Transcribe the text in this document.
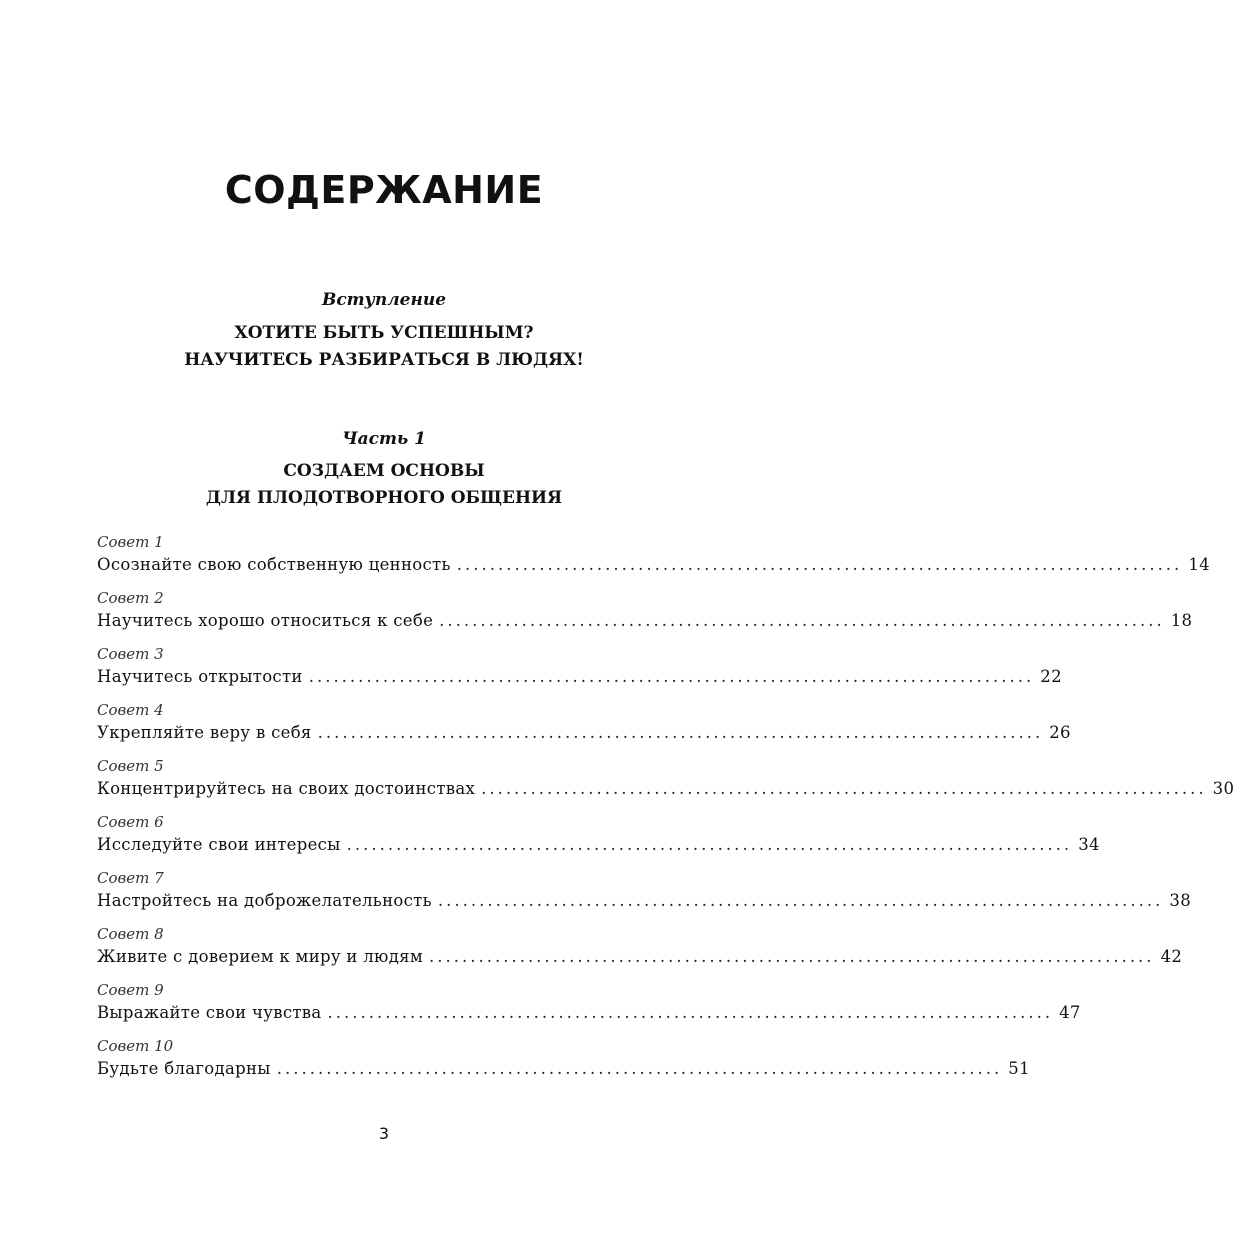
СОДЕРЖАНИЕ
Вступление
ХОТИТЕ БЫТЬ УСПЕШНЫМ?
НАУЧИТЕСЬ РАЗБИРАТЬСЯ В ЛЮДЯХ!
Часть 1
СОЗДАЕМ ОСНОВЫ
ДЛЯ ПЛОДОТВОРНОГО ОБЩЕНИЯ
Совет 1
Осознайте свою собственную ценность ........................................................................................ 14
Совет 2
Научитесь хорошо относиться к себе ........................................................................................ 18
Совет 3
Научитесь открытости ........................................................................................ 22
Совет 4
Укрепляйте веру в себя ........................................................................................ 26
Совет 5
Концентрируйтесь на своих достоинствах ........................................................................................ 30
Совет 6
Исследуйте свои интересы ........................................................................................ 34
Совет 7
Настройтесь на доброжелательность ........................................................................................ 38
Совет 8
Живите с доверием к миру и людям ........................................................................................ 42
Совет 9
Выражайте свои чувства ........................................................................................ 47
Совет 10
Будьте благодарны ........................................................................................ 51
3
